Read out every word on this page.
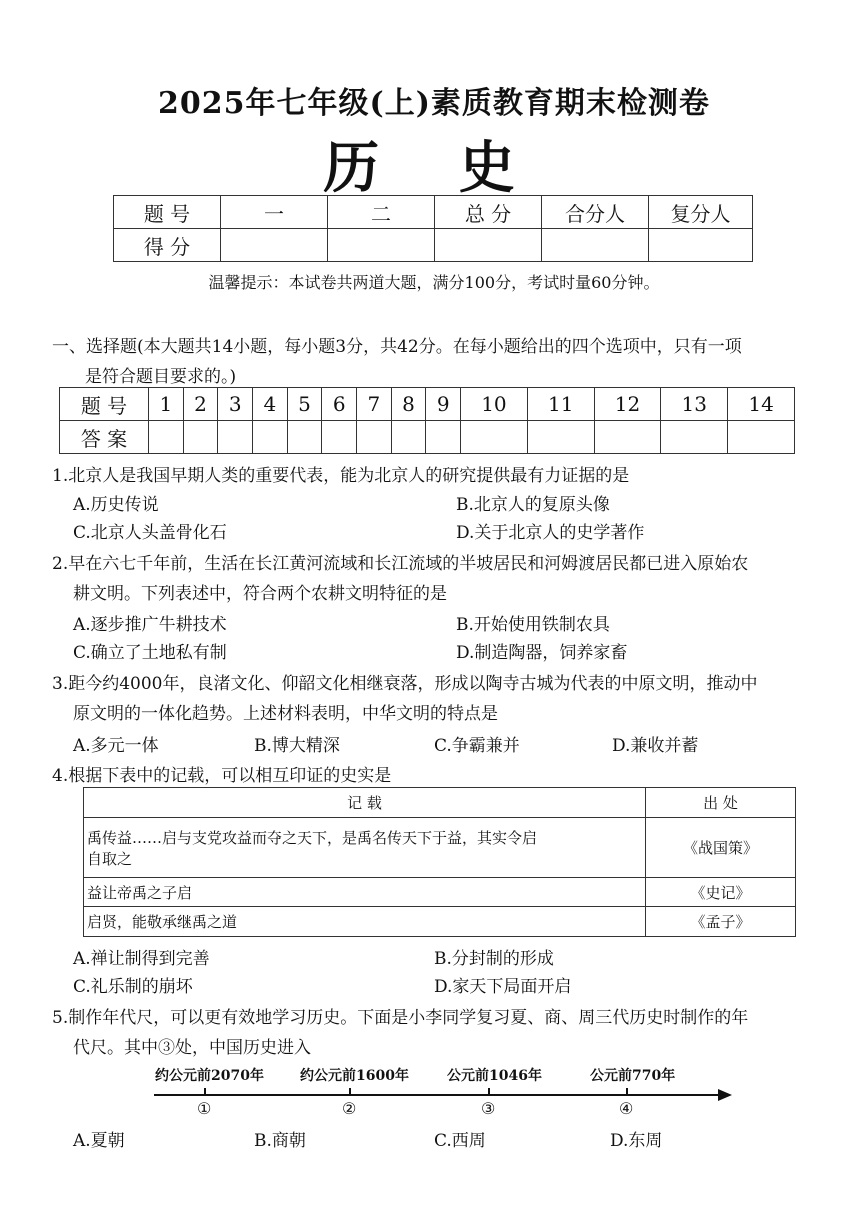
2025年七年级(上)素质教育期末检测卷
历 史
题 号	一	二	总 分	合分人	复分人
得 分					
温馨提示：本试卷共两道大题，满分100分，考试时量60分钟。
一、选择题(本大题共14小题，每小题3分，共42分。在每小题给出的四个选项中，只有一项
是符合题目要求的。)
题 号	1	2	3	4	5	6	7	8	9	10	11	12	13	14
答 案														
1.北京人是我国早期人类的重要代表，能为北京人的研究提供最有力证据的是
A.历史传说	B.北京人的复原头像
C.北京人头盖骨化石	D.关于北京人的史学著作
2.早在六七千年前，生活在长江黄河流域和长江流域的半坡居民和河姆渡居民都已进入原始农
耕文明。下列表述中，符合两个农耕文明特征的是
A.逐步推广牛耕技术	B.开始使用铁制农具
C.确立了土地私有制	D.制造陶器，饲养家畜
3.距今约4000年，良渚文化、仰韶文化相继衰落，形成以陶寺古城为代表的中原文明，推动中
原文明的一体化趋势。上述材料表明，中华文明的特点是
A.多元一体	B.博大精深	C.争霸兼并	D.兼收并蓄
4.根据下表中的记载，可以相互印证的史实是
记 载	出 处

禹传益……启与支党攻益而夺之天下，是禹名传天下于益，其实令启
自取之	《战国策》
益让帝禹之子启	《史记》
启贤，能敬承继禹之道	《孟子》
A.禅让制得到完善	B.分封制的形成
C.礼乐制的崩坏	D.家天下局面开启
5.制作年代尺，可以更有效地学习历史。下面是小李同学复习夏、商、周三代历史时制作的年
代尺。其中③处，中国历史进入
约公元前2070年
①
约公元前1600年
②
公元前1046年
③
公元前770年
④
A.夏朝	B.商朝	C.西周	D.东周
